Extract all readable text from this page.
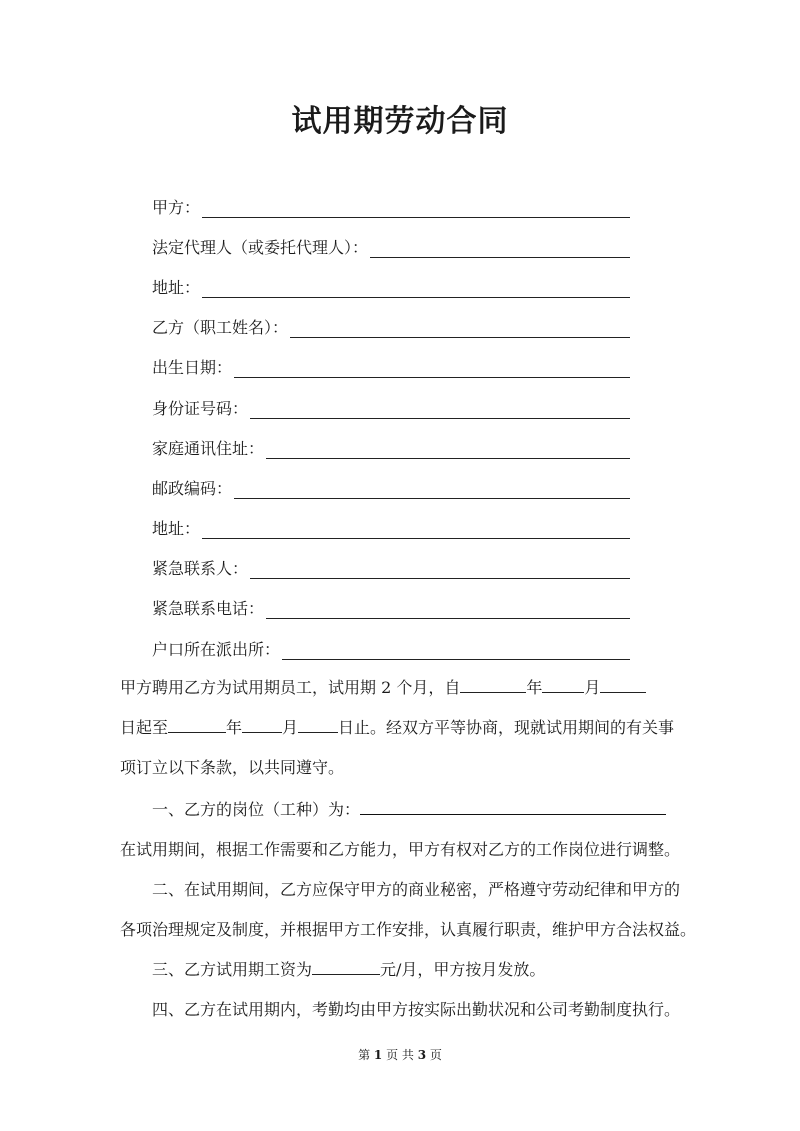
试用期劳动合同
甲方：
法定代理人（或委托代理人）：
地址：
乙方（职工姓名）：
出生日期：
身份证号码：
家庭通讯住址：
邮政编码：
地址：
紧急联系人：
紧急联系电话：
户口所在派出所：
甲方聘用乙方为试用期员工，试用期 2 个月，自	年	月
日起至	年	月	日止。经双方平等协商，现就试用期间的有关事
项订立以下条款，以共同遵守。
一、乙方的岗位（工种）为：
在试用期间，根据工作需要和乙方能力，甲方有权对乙方的工作岗位进行调整。
二、在试用期间，乙方应保守甲方的商业秘密，严格遵守劳动纪律和甲方的
各项治理规定及制度，并根据甲方工作安排，认真履行职责，维护甲方合法权益。
三、乙方试用期工资为	元/月，甲方按月发放。
四、乙方在试用期内，考勤均由甲方按实际出勤状况和公司考勤制度执行。
第 1 页 共 3 页
